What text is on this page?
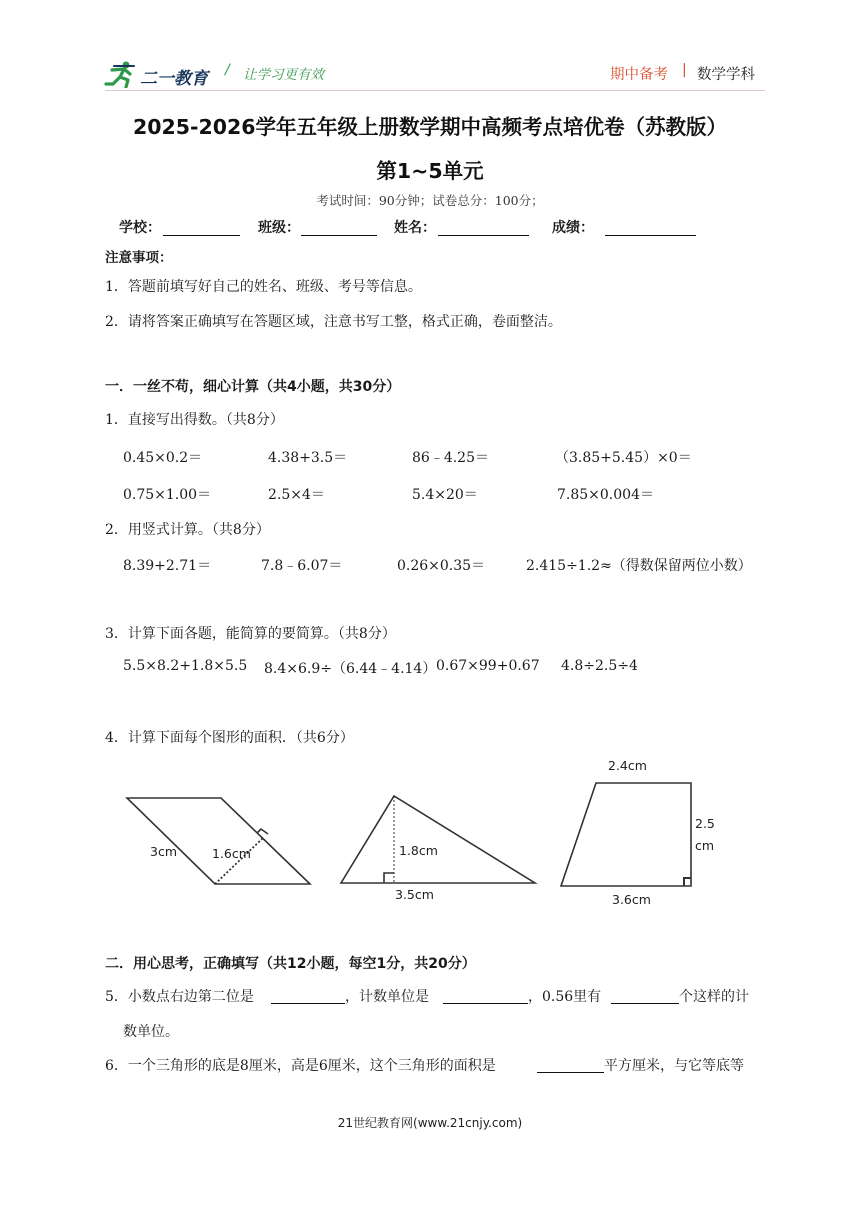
二一教育 / 让学习更有效	期中备考 | 数学学科
2025-2026学年五年级上册数学期中高频考点培优卷（苏教版）
第1~5单元
考试时间：90分钟；试卷总分：100分；
学校：	班级：	姓名：	成绩：
注意事项：
1．答题前填写好自己的姓名、班级、考号等信息。
2．请将答案正确填写在答题区域，注意书写工整，格式正确，卷面整洁。
一．一丝不苟，细心计算（共4小题，共30分）
1．直接写出得数。（共8分）
0.45×0.2＝	4.38+3.5＝	86﹣4.25＝	（3.85+5.45）×0＝
0.75×1.00＝	2.5×4＝	5.4×20＝	7.85×0.004＝
2．用竖式计算。（共8分）
8.39+2.71＝	7.8﹣6.07＝	0.26×0.35＝	2.415÷1.2≈（得数保留两位小数）
3．计算下面各题，能简算的要简算。（共8分）
5.5×8.2+1.8×5.5 8.4×6.9÷（6.44﹣4.14） 0.67×99+0.67 4.8÷2.5÷4
4．计算下面每个图形的面积．（共6分）
3cm	1.6cm	1.8cm
3.5cm
2.4cm
2.5
cm
3.6cm
二．用心思考，正确填写（共12小题，每空1分，共20分）
5．小数点右边第二位是	，计数单位是	，0.56里有	个这样的计
数单位。
6．一个三角形的底是8厘米，高是6厘米，这个三角形的面积是	平方厘米，与它等底等
21世纪教育网(www.21cnjy.com)
